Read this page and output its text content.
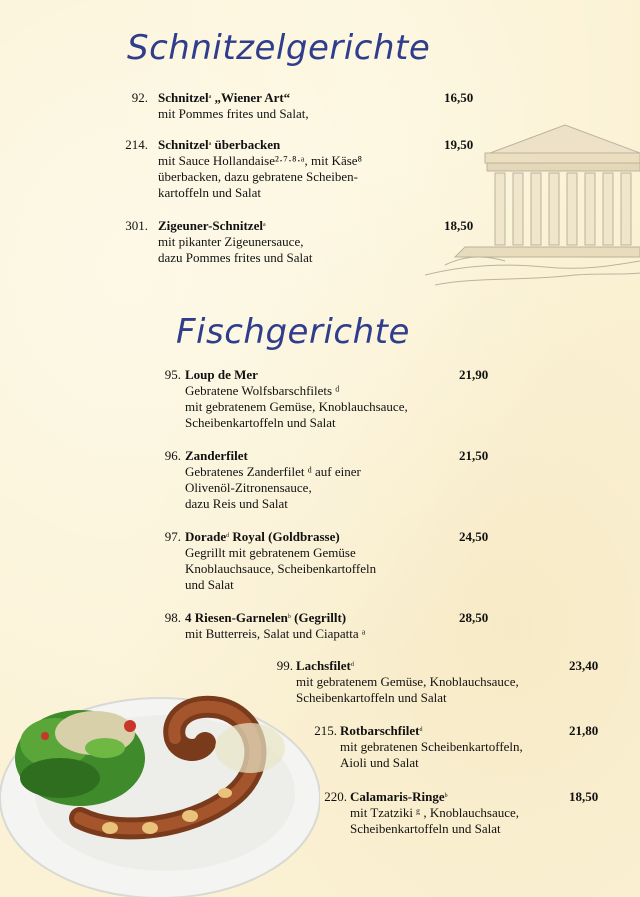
Schnitzelgerichte
Fischgerichte
92. Schnitzel$^a$ „Wiener Art“
mit Pommes frites und Salat,
16,50
214. Schnitzel$^a$ überbacken
mit Sauce Hollandaise²·⁷·⁸·ᵃ, mit Käse⁸
überbacken, dazu gebratene Scheiben-
kartoffeln und Salat
19,50
301. Zigeuner-Schnitzel$^a$
mit pikanter Zigeunersauce,
dazu Pommes frites und Salat
18,50
95. Loup de Mer
Gebratene Wolfsbarschfilets ᵈ
mit gebratenem Gemüse, Knoblauchsauce,
Scheibenkartoffeln und Salat
21,90
96. Zanderfilet
Gebratenes Zanderfilet ᵈ auf einer
Olivenöl-Zitronensauce,
dazu Reis und Salat
21,50
97. Dorade$^d$ Royal (Goldbrasse)
Gegrillt mit gebratenem Gemüse
Knoblauchsauce, Scheibenkartoffeln
und Salat
24,50
98. 4 Riesen-Garnelen$^b$ (Gegrillt)
mit Butterreis, Salat und Ciapatta ᵃ
28,50
99. Lachsfilet$^d$
mit gebratenem Gemüse, Knoblauchsauce,
Scheibenkartoffeln und Salat
23,40
215. Rotbarschfilet$^d$
mit gebratenen Scheibenkartoffeln,
Aioli und Salat
21,80
220. Calamaris-Ringe$^b$
mit Tzatziki ᵍ , Knoblauchsauce,
Scheibenkartoffeln und Salat
18,50
